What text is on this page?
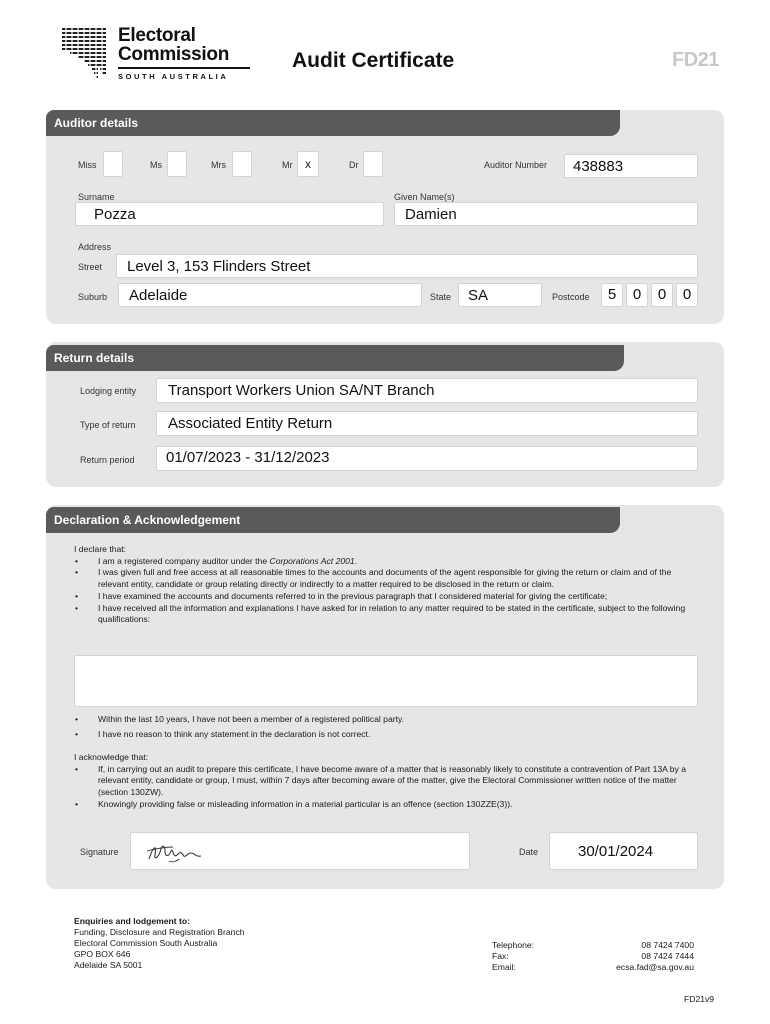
Electoral
Commission
SOUTH AUSTRALIA
Audit Certificate	FD21
Auditor details
Miss	Ms	Mrs	Mr	x	Dr	Auditor Number 438883
Surname
Pozza
Given Name(s)
Damien
Address
Street Level 3, 153 Flinders Street
Suburb Adelaide	State SA	Postcode	5	0	0	0
Return details
Lodging entity Transport Workers Union SA/NT Branch
Type of return Associated Entity Return
Return period 01/07/2023 - 31/12/2023
Declaration & Acknowledgement
I declare that:
• I am a registered company auditor under the Corporations Act 2001.
• I was given full and free access at all reasonable times to the accounts and documents of the agent responsible for giving the return or claim and of the relevant entity, candidate or group relating directly or indirectly to a matter required to be disclosed in the return or claim.
• I have examined the accounts and documents referred to in the previous paragraph that I considered material for giving the certificate;
• I have received all the information and explanations I have asked for in relation to any matter required to be stated in the certificate, subject to the following qualifications:
• Within the last 10 years, I have not been a member of a registered political party.
• I have no reason to think any statement in the declaration is not correct.
I acknowledge that:
• If, in carrying out an audit to prepare this certificate, I have become aware of a matter that is reasonably likely to constitute a contravention of Part 13A by a relevant entity, candidate or group, I must, within 7 days after becoming aware of the matter, give the Electoral Commissioner written notice of the matter (section 130ZW).
• Knowingly providing false or misleading information in a material particular is an offence (section 130ZZE(3)).
Signature	Date	30/01/2024
Enquiries and lodgement to:
Funding, Disclosure and Registration Branch
Electoral Commission South Australia
GPO BOX 646
Adelaide SA 5001
Telephone:	08 7424 7400
Fax:	08 7424 7444
Email:	ecsa.fad@sa.gov.au
FD21v9
